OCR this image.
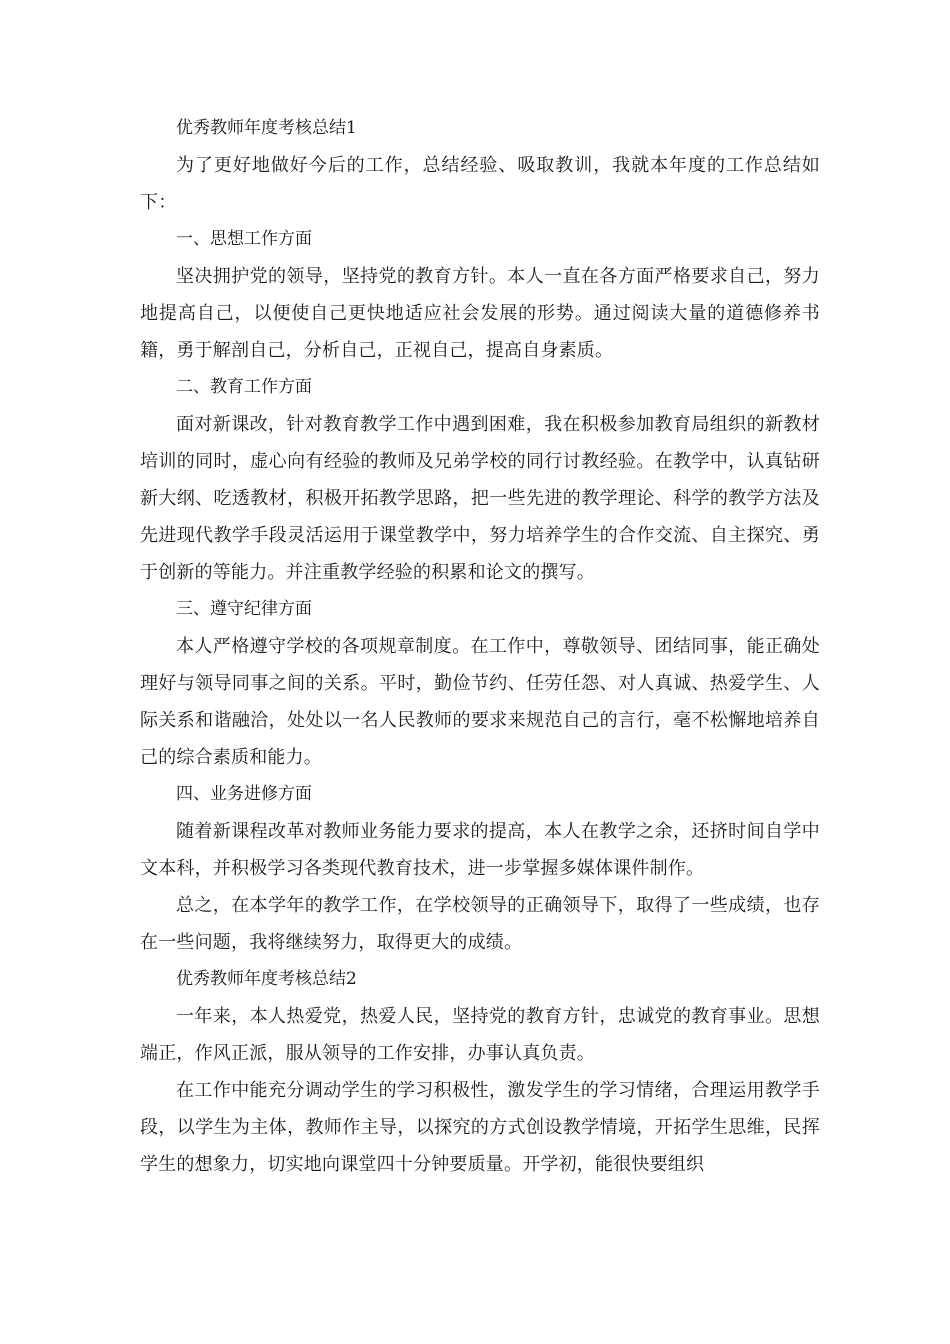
优秀教师年度考核总结1

为了更好地做好今后的工作，总结经验、吸取教训，我就本年度的工作总结如下：

一、思想工作方面

坚决拥护党的领导，坚持党的教育方针。本人一直在各方面严格要求自己，努力地提高自己，以便使自己更快地适应社会发展的形势。通过阅读大量的道德修养书籍，勇于解剖自己，分析自己，正视自己，提高自身素质。

二、教育工作方面

面对新课改，针对教育教学工作中遇到困难，我在积极参加教育局组织的新教材培训的同时，虚心向有经验的教师及兄弟学校的同行讨教经验。在教学中，认真钻研新大纲、吃透教材，积极开拓教学思路，把一些先进的教学理论、科学的教学方法及先进现代教学手段灵活运用于课堂教学中，努力培养学生的合作交流、自主探究、勇于创新的等能力。并注重教学经验的积累和论文的撰写。

三、遵守纪律方面

本人严格遵守学校的各项规章制度。在工作中，尊敬领导、团结同事，能正确处理好与领导同事之间的关系。平时，勤俭节约、任劳任怨、对人真诚、热爱学生、人际关系和谐融洽，处处以一名人民教师的要求来规范自己的言行，毫不松懈地培养自己的综合素质和能力。

四、业务进修方面

随着新课程改革对教师业务能力要求的提高，本人在教学之余，还挤时间自学中文本科，并积极学习各类现代教育技术，进一步掌握多媒体课件制作。

总之，在本学年的教学工作，在学校领导的正确领导下，取得了一些成绩，也存在一些问题，我将继续努力，取得更大的成绩。

优秀教师年度考核总结2

一年来，本人热爱党，热爱人民，坚持党的教育方针，忠诚党的教育事业。思想端正，作风正派，服从领导的工作安排，办事认真负责。

在工作中能充分调动学生的学习积极性，激发学生的学习情绪，合理运用教学手段，以学生为主体，教师作主导，以探究的方式创设教学情境，开拓学生思维，民挥学生的想象力，切实地向课堂四十分钟要质量。开学初，能很快要组织
